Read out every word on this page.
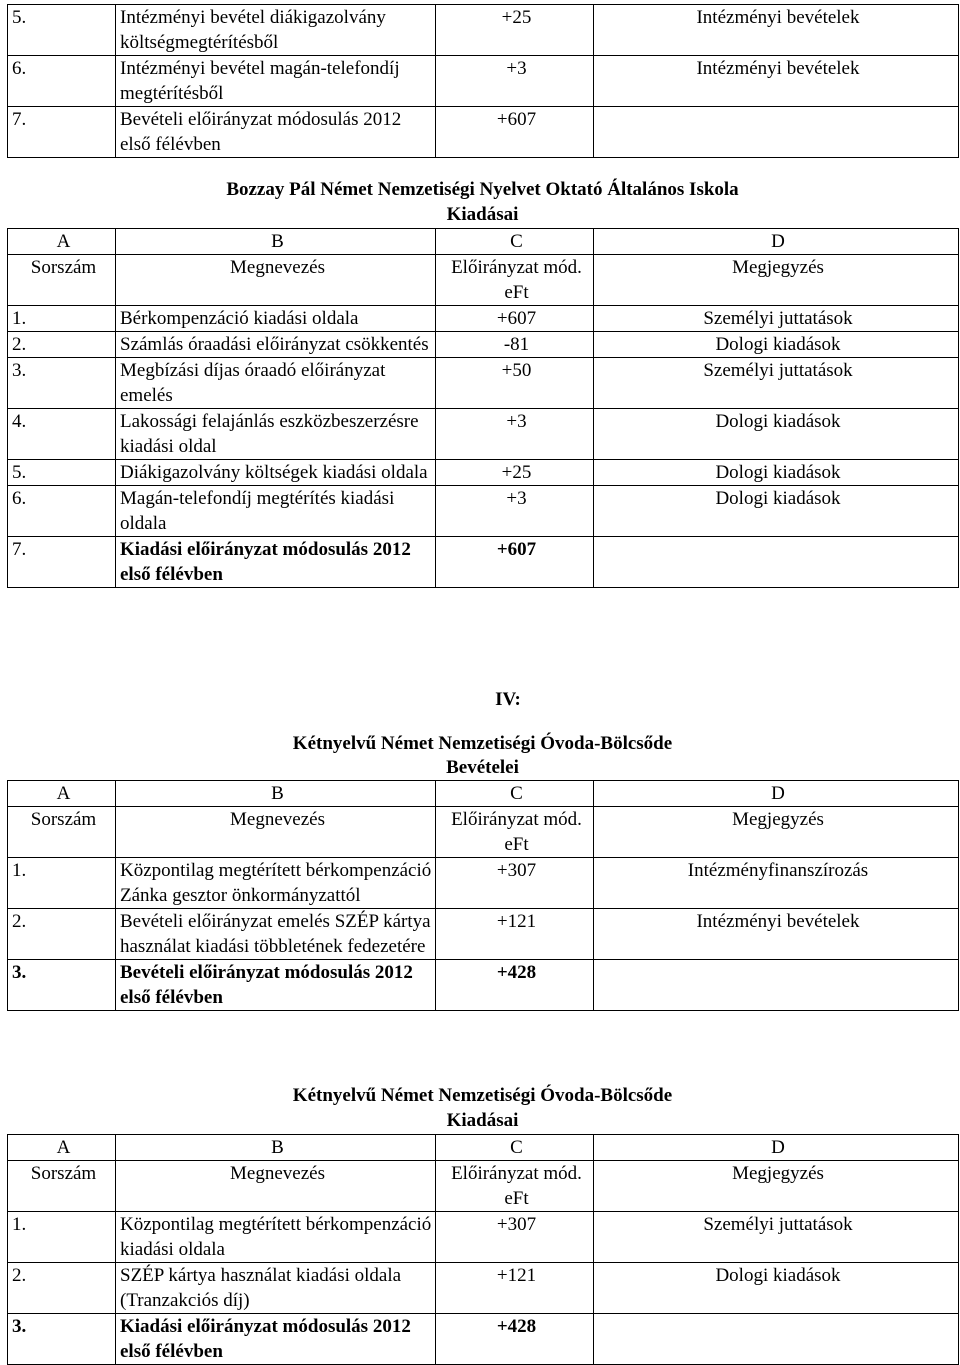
5.	Intézményi bevétel diákigazolvány költségmegtérítésből	+25	Intézményi bevételek
6.	Intézményi bevétel magán-telefondíj megtérítésből	+3	Intézményi bevételek
7.	Bevételi előirányzat módosulás 2012 első félévben	+607	
Bozzay Pál Német Nemzetiségi Nyelvet Oktató Általános Iskola
Kiadásai
A	B	C	D
Sorszám	Megnevezés	Előirányzat mód. eFt	Megjegyzés
1.	Bérkompenzáció kiadási oldala	+607	Személyi juttatások
2.	Számlás óraadási előirányzat csökkentés	-81	Dologi kiadások
3.	Megbízási díjas óraadó előirányzat emelés	+50	Személyi juttatások
4.	Lakossági felajánlás eszközbeszerzésre kiadási oldal	+3	Dologi kiadások
5.	Diákigazolvány költségek kiadási oldala	+25	Dologi kiadások
6.	Magán-telefondíj megtérítés kiadási oldala	+3	Dologi kiadások
7.	Kiadási előirányzat módosulás 2012 első félévben	+607	
IV:
Kétnyelvű Német Nemzetiségi Óvoda-Bölcsőde
Bevételei
A	B	C	D
Sorszám	Megnevezés	Előirányzat mód. eFt	Megjegyzés
1.	Központilag megtérített bérkompenzáció Zánka gesztor önkormányzattól	+307	Intézményfinanszírozás
2.	Bevételi előirányzat emelés SZÉP kártya használat kiadási többletének fedezetére	+121	Intézményi bevételek
3.	Bevételi előirányzat módosulás 2012 első félévben	+428	
Kétnyelvű Német Nemzetiségi Óvoda-Bölcsőde
Kiadásai
A	B	C	D
Sorszám	Megnevezés	Előirányzat mód. eFt	Megjegyzés
1.	Központilag megtérített bérkompenzáció kiadási oldala	+307	Személyi juttatások
2.	SZÉP kártya használat kiadási oldala (Tranzakciós díj)	+121	Dologi kiadások
3.	Kiadási előirányzat módosulás 2012 első félévben	+428	
